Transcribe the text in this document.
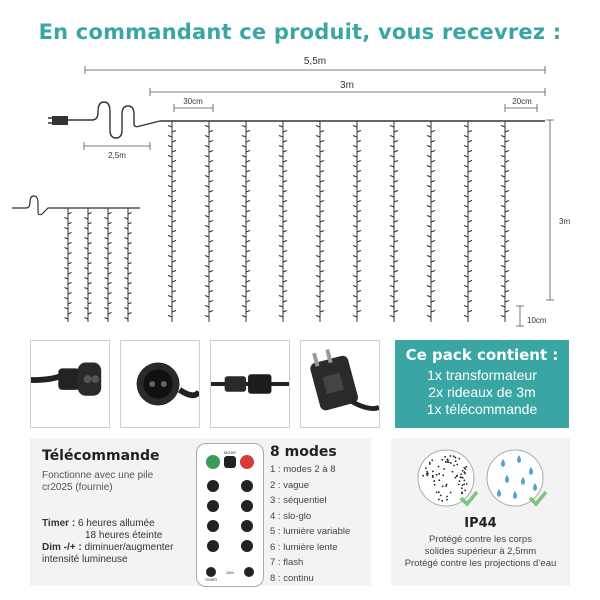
En commandant ce produit, vous recevrez :
5,5m
3m
30cm	20cm
2,5m
3m
10cm
Ce pack contient :
1x transformateur
2x rideaux de 3m
1x télécommande
Télécommande
Fonctionne avec une pile cr2025 (fournie)
Timer : 6 heures allumée
18 heures éteinte
Dim -/+ : diminuer/augmenter
intensité lumineuse
MODE
TIMER
DIM
8 modes
1 : modes 2 à 8
2 : vague
3 : séquentiel
4 : slo-glo
5 : lumière variable
6 : lumière lente
7 : flash
8 : continu
IP44
Protégé contre les corps
solides supérieur à 2,5mm
Protégé contre les projections d’eau
